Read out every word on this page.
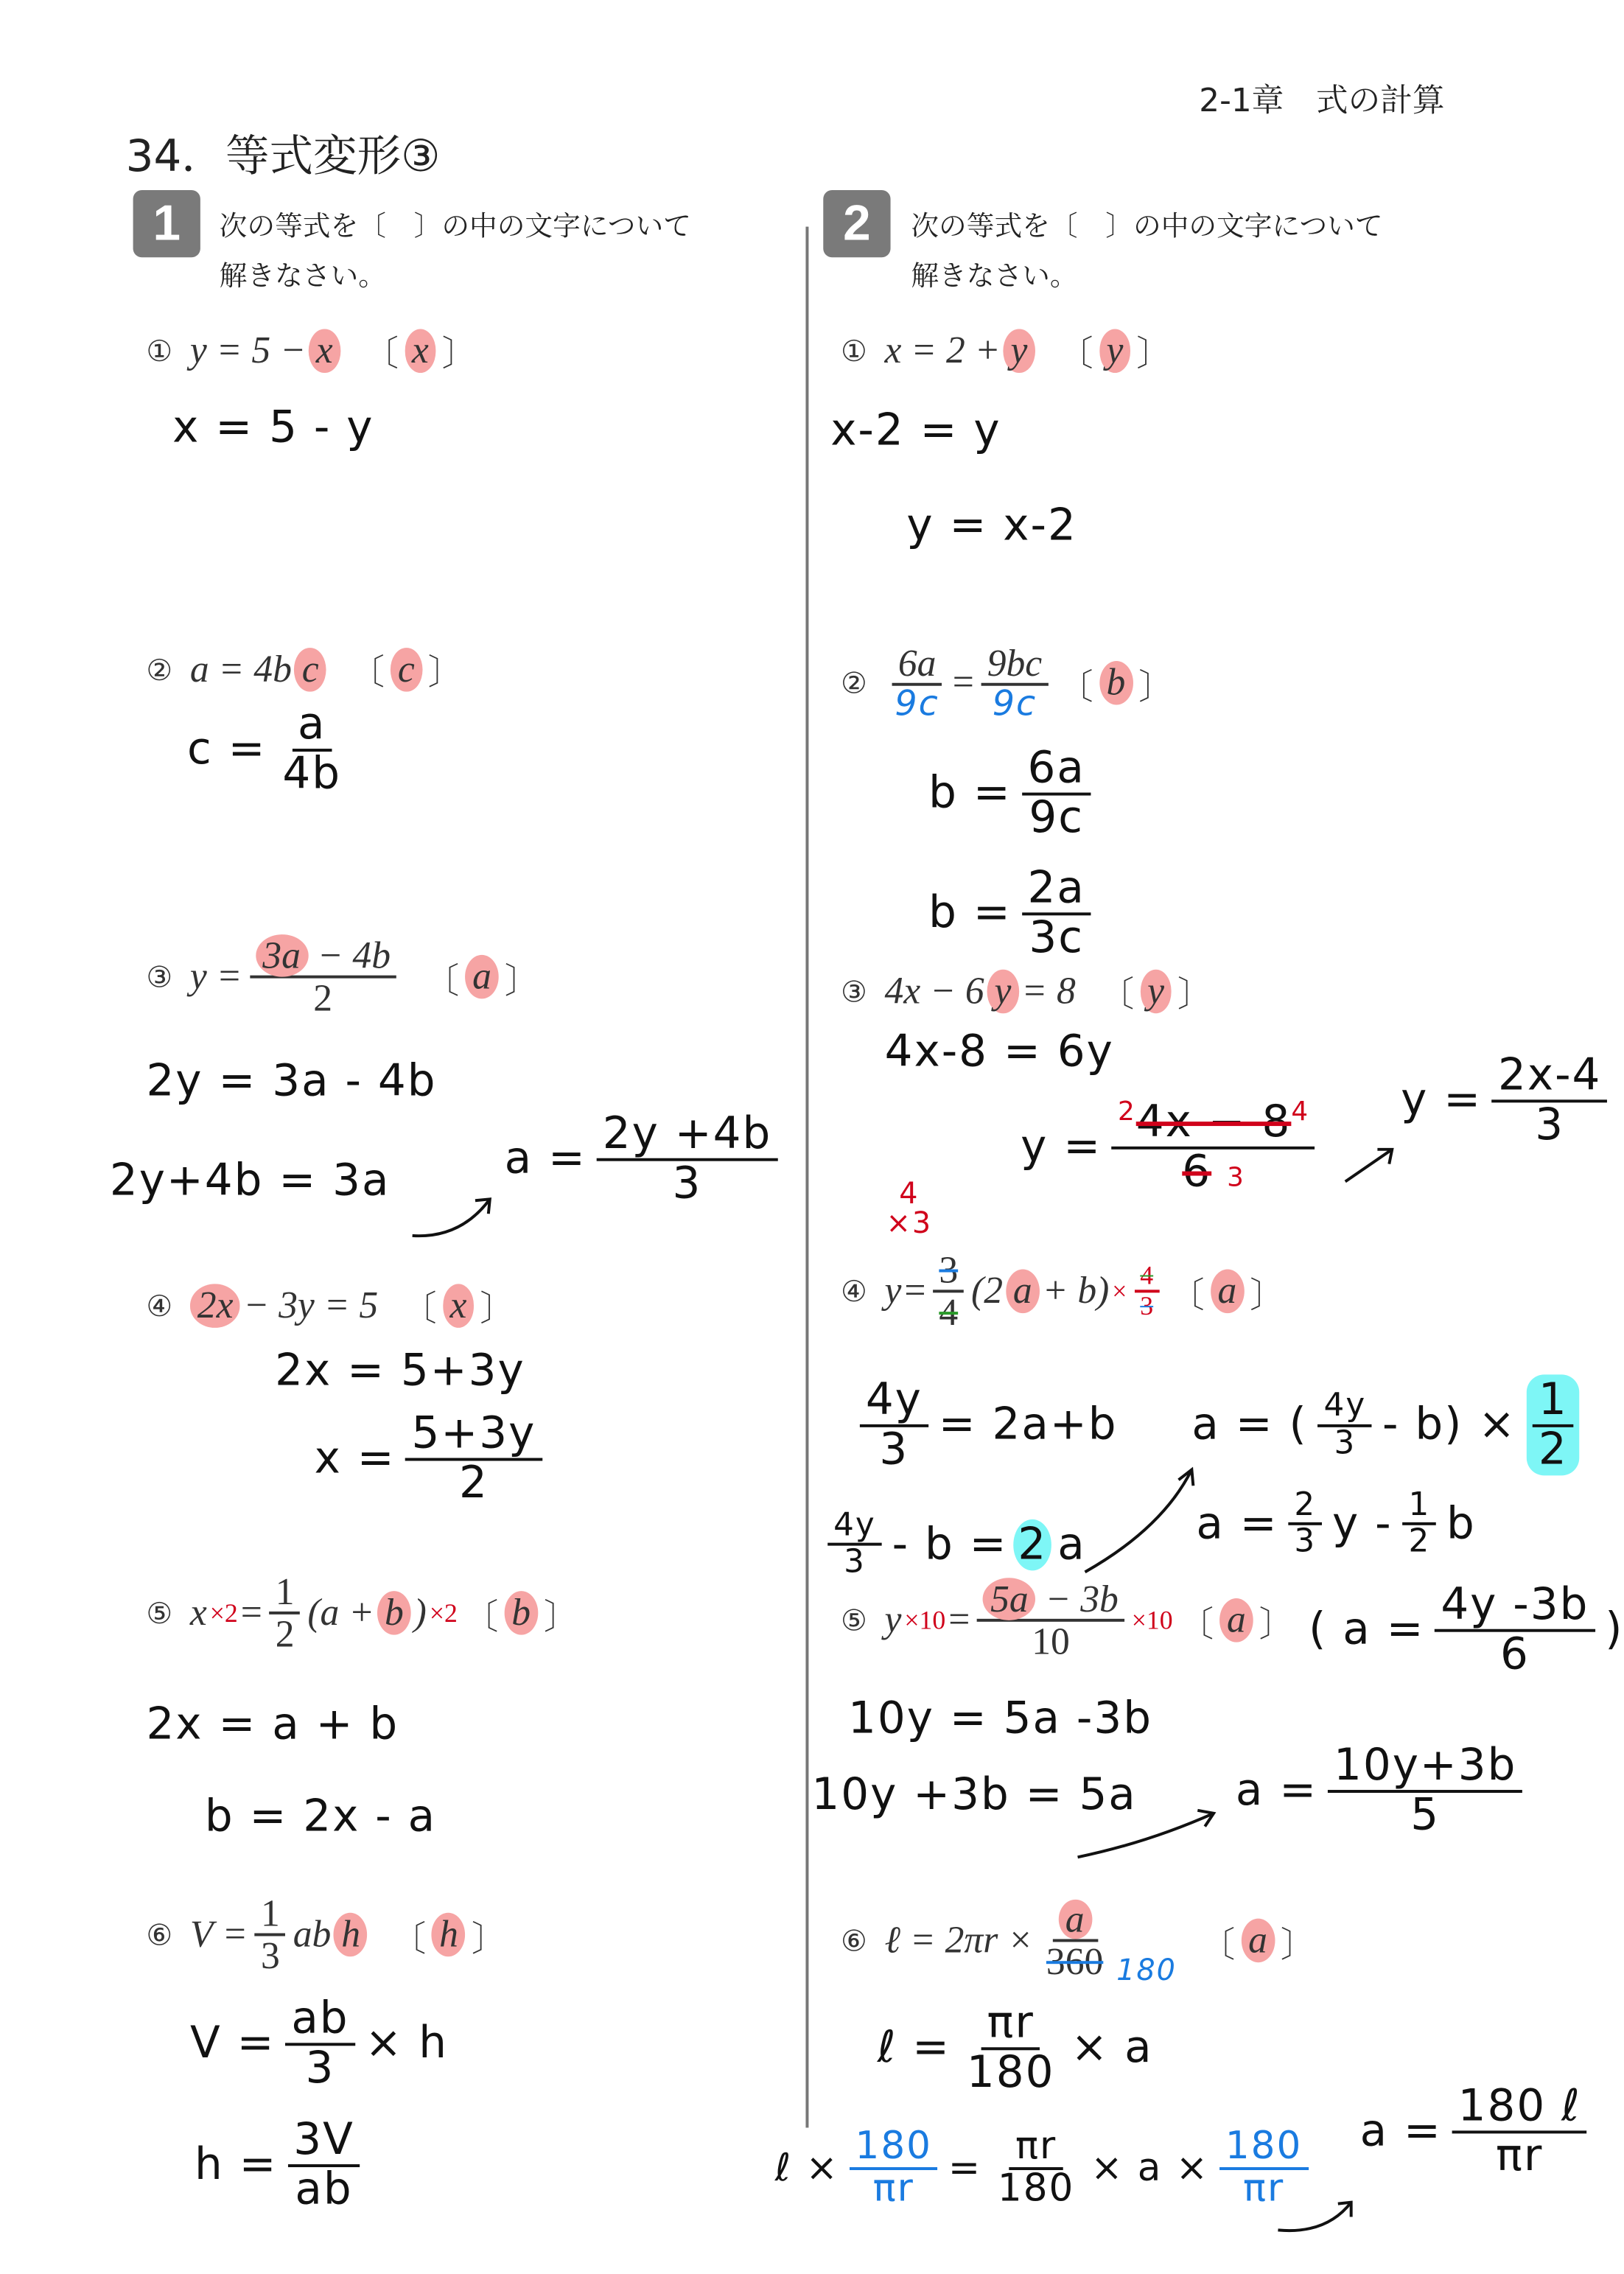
2-1章　式の計算
34．等式変形③
1	次の等式を〔　〕の中の文字について
解きなさい。
2	次の等式を〔　〕の中の文字について
解きなさい。
① y = 5 − x	〔 x 〕
x = 5 - y
② a = 4b c	〔 c 〕
$c = \frac{a}{4b}$
③ $y = \frac{3a - 4b}{2}$ 〔 a 〕
2y = 3a - 4b
2y+4b = 3a	$a = \frac{2y +4b}{3}$
④	2x − 3y = 5 〔 x 〕
2x = 5+3y
$x = \frac{5+3y}{2}$
⑤ $x \times 2 = \frac{1}{2} (a + b$ ) ×2 〔 b 〕
2x = a + b
b = 2x - a
⑥ $V = \frac{1}{3}$ ab h	〔 h 〕
$V = \frac{ab}{3} \times h$
$h = \frac{3V}{ab}$
① x = 2 + y	〔 y 〕
x-2 = y
y = x-2
② $\frac{6a}{9c} = \frac{9bc}{9c}$ 〔 b 〕
$b = \frac{6a}{9c}$
$b = \frac{2a}{3c}$
③ 4x − 6 y = 8 〔 y 〕
4x-8 = 6y
$y = \frac{^24x - 8^4}{6 3}$	$y = \frac{2x-4}{3}$
4
×3
④ $y = \frac{3}{4} (2$ $a + b) \times \frac{4}{3}$ 〔 a 〕
$\frac{4y}{3} = 2a+b$	a = ( $\frac{4y}{3} - b) \times \frac{1}{2}$
$\frac{4y}{3} - b = 2$ a	$a = \frac{2}{3}$ y - $\frac{1}{2}$ b
( $a = \frac{4y -3b}{6}$ )
⑤ $y \times 10 = \frac{5a - 3b}{10} \times 10$ 〔 a 〕
10y = 5a -3b
10y +3b = 5a	$a = \frac{10y+3b}{5}$
⑥ ℓ = $2\pi r \times \frac{a}{360} 180$
〔 a 〕
ℓ = $\frac{\pi r}{180} \times a$
ℓ × $\frac{180}{\pi r} = \frac{\pi r}{180} \times a \times \frac{180}{\pi r}$ $a = \frac{\text{180 ℓ}}{\pi r}$
